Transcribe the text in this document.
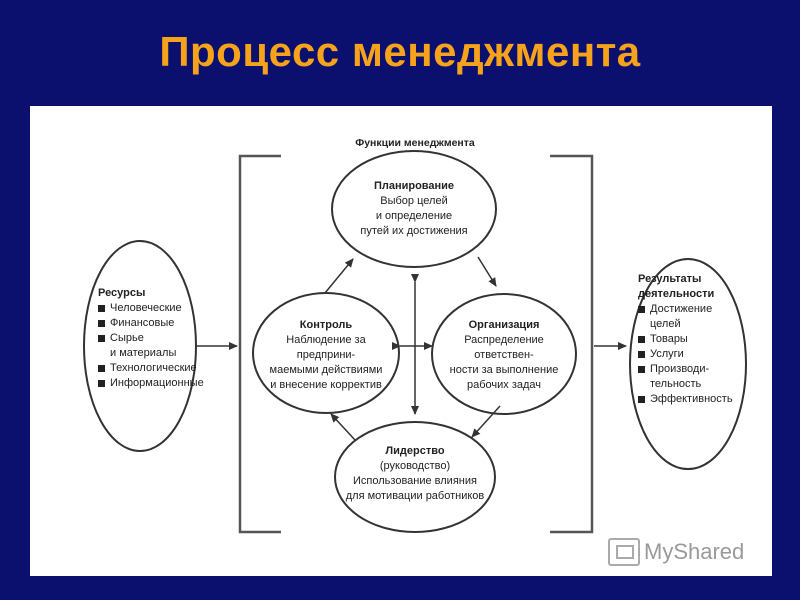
Процесс менеджмента
Функции менеджмента
Планирование
Выбор целей
и определение
путей их достижения
Контроль
Наблюдение за предприни-
маемыми действиями
и внесение корректив
Организация
Распределение ответствен-
ности за выполнение
рабочих задач
Лидерство
(руководство)
Использование влияния
для мотивации работников
Ресурсы
Человеческие
Финансовые
Сырье
и материалы
Технологические
Информационные
Результаты
деятельности
Достижение
целей
Товары
Услуги
Производи-
тельность
Эффективность
MyShared
